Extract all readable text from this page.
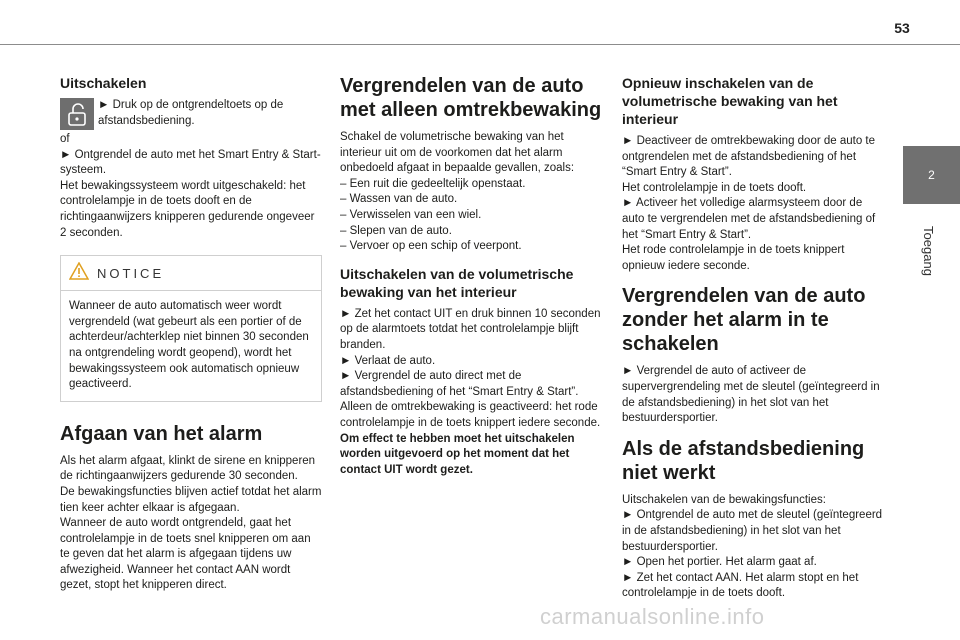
53
2
Toegang
Uitschakelen

► Druk op de ontgrendeltoets op de afstandsbediening.

of

► Ontgrendel de auto met het Smart Entry & Start-systeem.

Het bewakingssysteem wordt uitgeschakeld: het controlelampje in de toets dooft en de richtingaanwijzers knipperen gedurende ongeveer 2 seconden.

NOTICE

Wanneer de auto automatisch weer wordt vergrendeld (wat gebeurt als een portier of de achterdeur/achterklep niet binnen 30 seconden na ontgrendeling wordt geopend), wordt het bewakingssysteem ook automatisch opnieuw geactiveerd.

Afgaan van het alarm

Als het alarm afgaat, klinkt de sirene en knipperen de richtingaanwijzers gedurende 30 seconden.

De bewakingsfuncties blijven actief totdat het alarm tien keer achter elkaar is afgegaan.

Wanneer de auto wordt ontgrendeld, gaat het controlelampje in de toets snel knipperen om aan te geven dat het alarm is afgegaan tijdens uw afwezigheid. Wanneer het contact AAN wordt gezet, stopt het knipperen direct.

Vergrendelen van de auto met alleen omtrekbewaking

Schakel de volumetrische bewaking van het interieur uit om de voorkomen dat het alarm onbedoeld afgaat in bepaalde gevallen, zoals:

– Een ruit die gedeeltelijk openstaat.

– Wassen van de auto.

– Verwisselen van een wiel.

– Slepen van de auto.

– Vervoer op een schip of veerpont.

Uitschakelen van de volumetrische bewaking van het interieur

► Zet het contact UIT en druk binnen 10 seconden op de alarmtoets totdat het controlelampje blijft branden.

► Verlaat de auto.

► Vergrendel de auto direct met de afstandsbediening of het “Smart Entry & Start”.

Alleen de omtrekbewaking is geactiveerd: het rode controlelampje in de toets knippert iedere seconde.

Om effect te hebben moet het uitschakelen worden uitgevoerd op het moment dat het contact UIT wordt gezet.

Opnieuw inschakelen van de volumetrische bewaking van het interieur

► Deactiveer de omtrekbewaking door de auto te ontgrendelen met de afstandsbediening of het “Smart Entry & Start”.

Het controlelampje in de toets dooft.

► Activeer het volledige alarmsysteem door de auto te vergrendelen met de afstandsbediening of het “Smart Entry & Start”.

Het rode controlelampje in de toets knippert opnieuw iedere seconde.

Vergrendelen van de auto zonder het alarm in te schakelen

► Vergrendel de auto of activeer de supervergrendeling met de sleutel (geïntegreerd in de afstandsbediening) in het slot van het bestuurdersportier.

Als de afstandsbediening niet werkt

Uitschakelen van de bewakingsfuncties:

► Ontgrendel de auto met de sleutel (geïntegreerd in de afstandsbediening) in het slot van het bestuurdersportier.

► Open het portier. Het alarm gaat af.

► Zet het contact AAN. Het alarm stopt en het controlelampje in de toets dooft.

carmanualsonline.info
